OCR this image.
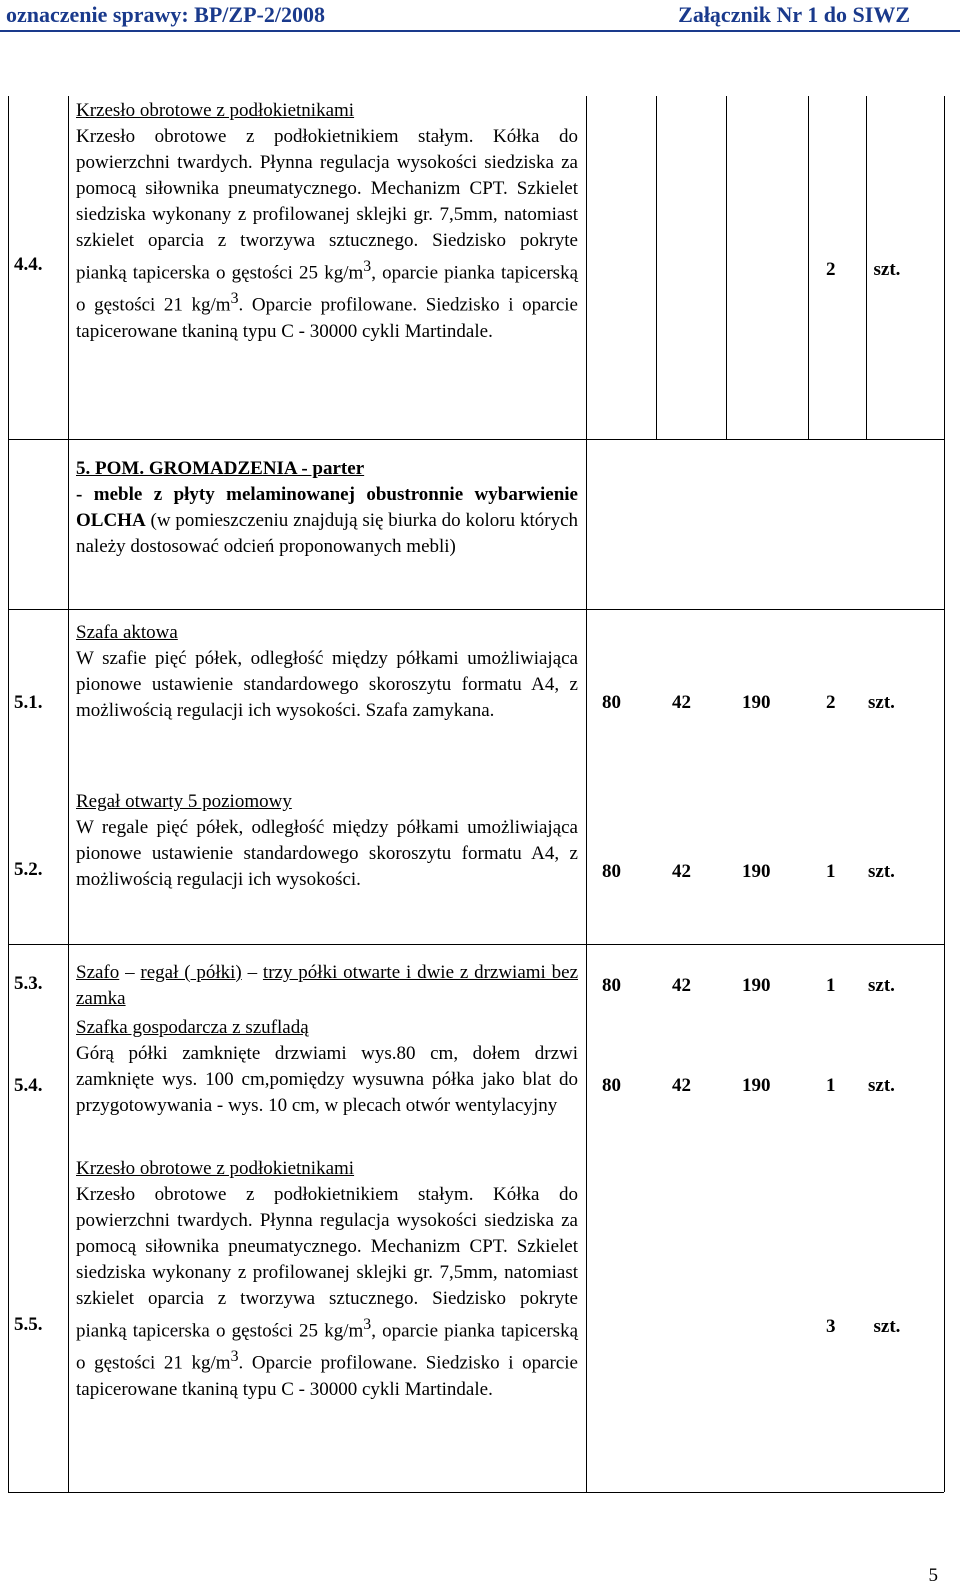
oznaczenie sprawy: BP/ZP-2/2008	Załącznik Nr 1 do SIWZ
4.4.

Krzesło obrotowe z podłokietnikami

Krzesło obrotowe z podłokietnikiem stałym. Kółka do powierzchni twardych. Płynna regulacja wysokości siedziska za pomocą siłownika pneumatycznego. Mechanizm CPT. Szkielet siedziska wykonany z profilowanej sklejki gr. 7,5mm, natomiast szkielet oparcia z tworzywa sztucznego. Siedzisko pokryte pianką tapicerska o gęstości 25 $kg/m^3$, oparcie pianka tapicerską o gęstości 21 $kg/m^3$. Oparcie profilowane. Siedzisko i oparcie tapicerowane tkaniną typu C - 30000 cykli Martindale.

2 szt.

5. POM. GROMADZENIA - parter

- meble z płyty melaminowanej obustronnie wybarwienie OLCHA (w pomieszczeniu znajdują się biurka do koloru których należy dostosować odcień proponowanych mebli)

5.1.

Szafa aktowa

W szafie pięć półek, odległość między półkami umożliwiająca pionowe ustawienie standardowego skoroszytu formatu A4, z możliwością regulacji ich wysokości. Szafa zamykana.	80	42	190	2 szt.
5.2.

Regał otwarty 5 poziomowy

W regale pięć półek, odległość między półkami umożliwiająca pionowe ustawienie standardowego skoroszytu formatu A4, z możliwością regulacji ich wysokości.	80	42	190	1 szt.
5.3.

Szafo – regał ( półki) – trzy półki otwarte i dwie z drzwiami bez zamka

80	42	190	1 szt.
5.4.

Szafka gospodarcza z szufladą

Górą półki zamknięte drzwiami wys.80 cm, dołem drzwi zamknięte wys. 100 cm,pomiędzy wysuwna półka jako blat do przygotowywania - wys. 10 cm, w plecach otwór wentylacyjny

80	42	190	1 szt.
5.5.

Krzesło obrotowe z podłokietnikami

Krzesło obrotowe z podłokietnikiem stałym. Kółka do powierzchni twardych. Płynna regulacja wysokości siedziska za pomocą siłownika pneumatycznego. Mechanizm CPT. Szkielet siedziska wykonany z profilowanej sklejki gr. 7,5mm, natomiast szkielet oparcia z tworzywa sztucznego. Siedzisko pokryte pianką tapicerska o gęstości 25 $kg/m^3$, oparcie pianka tapicerską o gęstości 21 $kg/m^3$. Oparcie profilowane. Siedzisko i oparcie tapicerowane tkaniną typu C - 30000 cykli Martindale.

3 szt.
5
